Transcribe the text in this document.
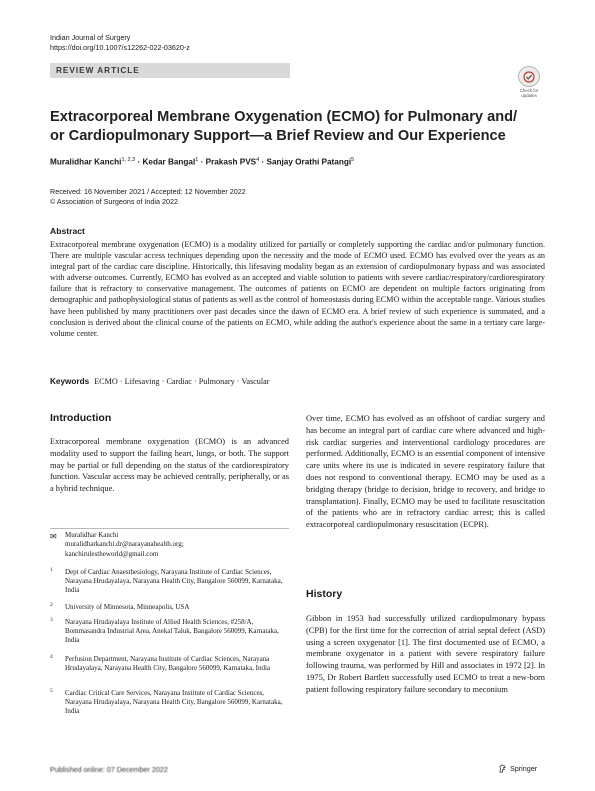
Indian Journal of Surgery
https://doi.org/10.1007/s12262-022-03620-z
REVIEW ARTICLE
Check for updates
Extracorporeal Membrane Oxygenation (ECMO) for Pulmonary and/ or Cardiopulmonary Support—a Brief Review and Our Experience
Muralidhar Kanchi$^{1, 2,3}$ · Kedar Bangal$^1$ · Prakash $PVS^4$ · Sanjay Orathi Patangi$^5$
Received: 16 November 2021 / Accepted: 12 November 2022
© Association of Surgeons of India 2022
Abstract
Extracorporeal membrane oxygenation (ECMO) is a modality utilized for partially or completely supporting the cardiac and/or pulmonary function. There are multiple vascular access techniques depending upon the necessity and the mode of ECMO used. ECMO has evolved over the years as an integral part of the cardiac care discipline. Historically, this lifesaving modality began as an extension of cardiopulmonary bypass and was associated with adverse outcomes. Currently, ECMO has evolved as an accepted and viable solution to patients with severe cardiac/respiratory/cardiorespiratory failure that is refractory to conservative management. The outcomes of patients on ECMO are dependent on multiple factors originating from demographic and pathophysiological status of patients as well as the control of homeostasis during ECMO within the acceptable range. Various studies have been published by many practitioners over past decades since the dawn of ECMO era. A brief review of such experience is summated, and a conclusion is derived about the clinical course of the patients on ECMO, while adding the author's experience about the same in a tertiary care large-volume center.
Keywords ECMO · Lifesaving · Cardiac · Pulmonary · Vascular
Introduction
Extracorporeal membrane oxygenation (ECMO) is an advanced modality used to support the failing heart, lungs, or both. The support may be partial or full depending on the status of the cardiorespiratory function. Vascular access may be achieved centrally, peripherally, or as a hybrid technique.
✉ Muralidhar Kanchi
muralidharkanchi.dr@narayanahealth.org;
kanchirulestheworld@gmail.com
1 Dept of Cardiac Anaesthesiology, Narayana Institute of Cardiac Sciences, Narayana Hrudayalaya, Narayana Health City, Bangalore 560099, Karnataka, India
2 University of Minnesota, Minneapolis, USA
3 Narayana Hrudayalaya Institute of Allied Health Sciences, #258/A, Bommasandra Industrial Area, Anekal Taluk, Bangalore 560099, Karnataka, India
4 Perfusion Department, Narayana Institute of Cardiac Sciences, Narayana Hrudayalaya, Narayana Health City, Bangalore 560099, Karnataka, India
5 Cardiac Critical Care Services, Narayana Institute of Cardiac Sciences, Narayana Hrudayalaya, Narayana Health City, Bangalore 560099, Karnataka, India
Over time, ECMO has evolved as an offshoot of cardiac surgery and has become an integral part of cardiac care where advanced and high-risk cardiac surgeries and interventional cardiology procedures are performed. Additionally, ECMO is an essential component of intensive care units where its use is indicated in severe respiratory failure that does not respond to conventional therapy. ECMO may be used as a bridging therapy (bridge to decision, bridge to recovery, and bridge to transplantation). Finally, ECMO may be used to facilitate resuscitation of the patients who are in refractory cardiac arrest; this is called extracorporeal cardiopulmonary resuscitation (ECPR).
History
Gibbon in 1953 had successfully utilized cardiopulmonary bypass (CPB) for the first time for the correction of atrial septal defect (ASD) using a screen oxygenator [1]. The first documented use of ECMO, a membrane oxygenator in a patient with severe respiratory failure following trauma, was performed by Hill and associates in 1972 [2]. In 1975, Dr Robert Bartlett successfully used ECMO to treat a new-born patient following respiratory failure secondary to meconium
Published online: 07 December 2022	Springer
